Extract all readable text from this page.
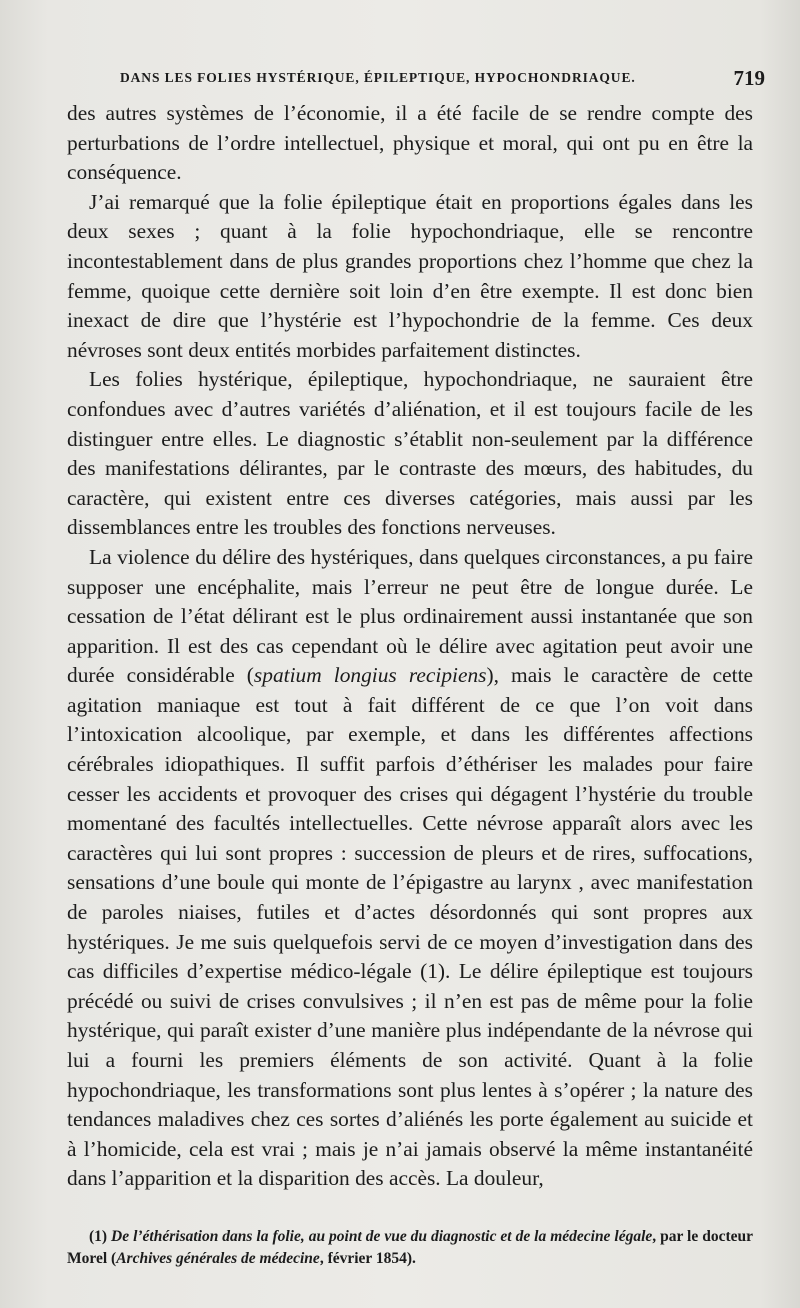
DANS LES FOLIES HYSTÉRIQUE, ÉPILEPTIQUE, HYPOCHONDRIAQUE.	719

des autres systèmes de l’économie, il a été facile de se rendre compte des perturbations de l’ordre intellectuel, physique et moral, qui ont pu en être la conséquence.

J’ai remarqué que la folie épileptique était en proportions égales dans les deux sexes ; quant à la folie hypochondriaque, elle se rencontre incontestablement dans de plus grandes proportions chez l’homme que chez la femme, quoique cette dernière soit loin d’en être exempte. Il est donc bien inexact de dire que l’hystérie est l’hypochondrie de la femme. Ces deux névroses sont deux entités morbides parfaitement distinctes.

Les folies hystérique, épileptique, hypochondriaque, ne sauraient être confondues avec d’autres variétés d’aliénation, et il est toujours facile de les distinguer entre elles. Le diagnostic s’établit non-seulement par la différence des manifestations délirantes, par le contraste des mœurs, des habitudes, du caractère, qui existent entre ces diverses catégories, mais aussi par les dissemblances entre les troubles des fonctions nerveuses.

La violence du délire des hystériques, dans quelques circonstances, a pu faire supposer une encéphalite, mais l’erreur ne peut être de longue durée. Le cessation de l’état délirant est le plus ordinairement aussi instantanée que son apparition. Il est des cas cependant où le délire avec agitation peut avoir une durée considérable (spatium longius recipiens), mais le caractère de cette agitation maniaque est tout à fait différent de ce que l’on voit dans l’intoxication alcoolique, par exemple, et dans les différentes affections cérébrales idiopathiques. Il suffit parfois d’éthériser les malades pour faire cesser les accidents et provoquer des crises qui dégagent l’hystérie du trouble momentané des facultés intellectuelles. Cette névrose apparaît alors avec les caractères qui lui sont propres : succession de pleurs et de rires, suffocations, sensations d’une boule qui monte de l’épigastre au larynx , avec manifestation de paroles niaises, futiles et d’actes désordonnés qui sont propres aux hystériques. Je me suis quelquefois servi de ce moyen d’investigation dans des cas difficiles d’expertise médico-légale (1). Le délire épileptique est toujours précédé ou suivi de crises convulsives ; il n’en est pas de même pour la folie hystérique, qui paraît exister d’une manière plus indépendante de la névrose qui lui a fourni les premiers éléments de son activité. Quant à la folie hypochondriaque, les transformations sont plus lentes à s’opérer ; la nature des tendances maladives chez ces sortes d’aliénés les porte également au suicide et à l’homicide, cela est vrai ; mais je n’ai jamais observé la même instantanéité dans l’apparition et la disparition des accès. La douleur,

(1) De l’éthérisation dans la folie, au point de vue du diagnostic et de la médecine légale, par le docteur Morel (Archives générales de médecine, février 1854).
